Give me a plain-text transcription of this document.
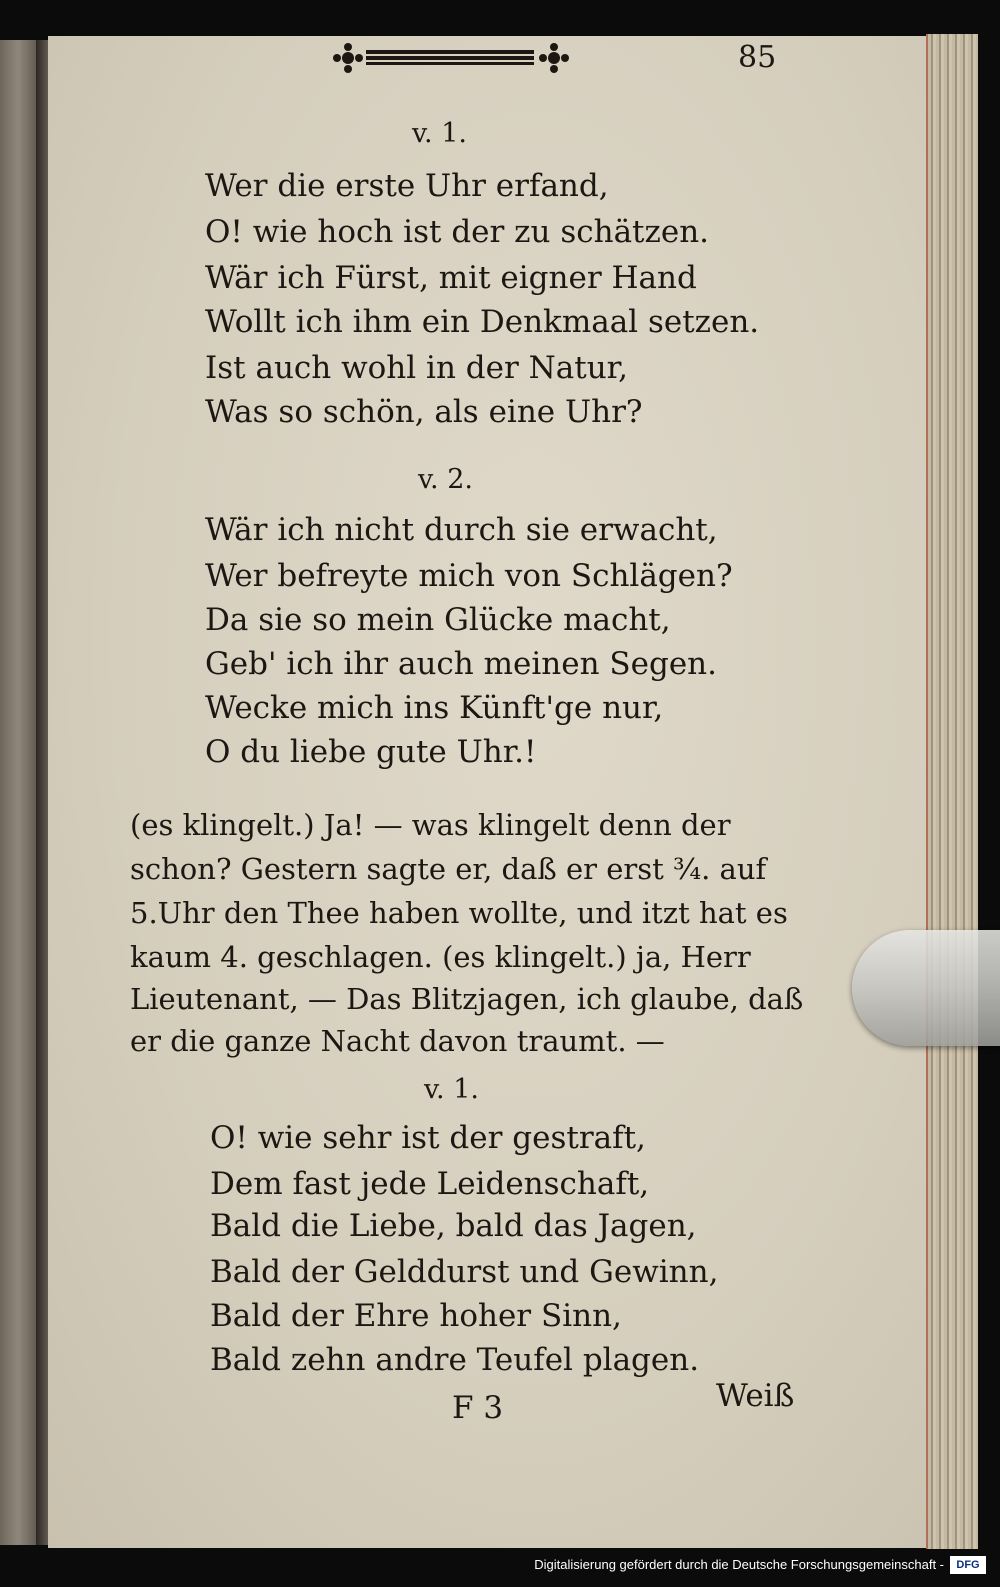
85
v. 1.
Wer die erste Uhr erfand,
O! wie hoch ist der zu schätzen.
Wär ich Fürst, mit eigner Hand
Wollt ich ihm ein Denkmaal setzen.
Ist auch wohl in der Natur,
Was so schön, als eine Uhr?
v. 2.
Wär ich nicht durch sie erwacht,
Wer befreyte mich von Schlägen?
Da sie so mein Glücke macht,
Geb' ich ihr auch meinen Segen.
Wecke mich ins Künft'ge nur,
O du liebe gute Uhr.!
(es klingelt.) Ja! — was klingelt denn der
schon? Gestern sagte er, daß er erst ¾. auf
5.Uhr den Thee haben wollte, und itzt hat es
kaum 4. geschlagen. (es klingelt.) ja, Herr
Lieutenant, — Das Blitzjagen, ich glaube, daß
er die ganze Nacht davon traumt. —
v. 1.
O! wie sehr ist der gestraft,
Dem fast jede Leidenschaft,
Bald die Liebe, bald das Jagen,
Bald der Gelddurst und Gewinn,
Bald der Ehre hoher Sinn,
Bald zehn andre Teufel plagen.
F 3	Weiß
Digitalisierung gefördert durch die Deutsche Forschungsgemeinschaft -	DFG
